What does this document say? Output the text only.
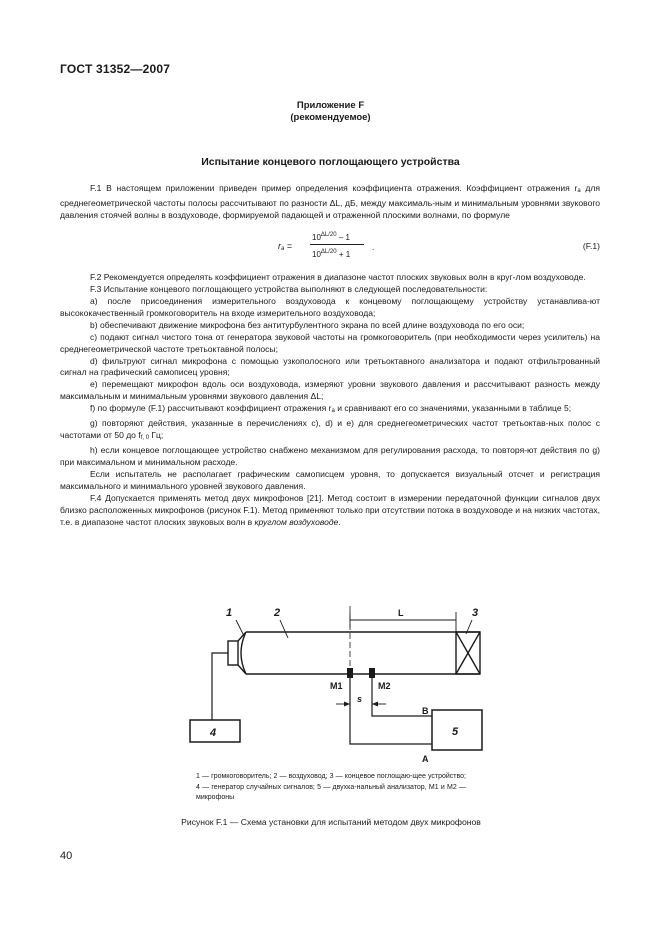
ГОСТ 31352—2007
Приложение F
(рекомендуемое)
Испытание концевого поглощающего устройства

F.1 В настоящем приложении приведен пример определения коэффициента отражения. Коэффициент отражения $r_a$ для среднегеометрической частоты полосы рассчитывают по разности ΔL, дБ, между максималь-ным и минимальным уровнями звукового давления стоячей волны в воздуховоде, формируемой падающей и отраженной плоскими волнами, по формуле

$r_a$ =
$10^{\Delta L/20} - 1$
$10^{\Delta L/20} + 1$
.	(F.1)

F.2 Рекомендуется определять коэффициент отражения в диапазоне частот плоских звуковых волн в круг-лом воздуховоде.

F.3 Испытание концевого поглощающего устройства выполняют в следующей последовательности:

а) после присоединения измерительного воздуховода к концевому поглощающему устройству устанавлива-ют высококачественный громкоговоритель на входе измерительного воздуховода;

b) обеспечивают движение микрофона без антитурбулентного экрана по всей длине воздуховода по его оси;

с) подают сигнал чистого тона от генератора звуковой частоты на громкоговоритель (при необходимости через усилитель) на среднегеометрической частоте третьоктавной полосы;

d) фильтруют сигнал микрофона с помощью узкополосного или третьоктавного анализатора и подают отфильтрованный сигнал на графический самописец уровня;

е) перемещают микрофон вдоль оси воздуховода, измеряют уровни звукового давления и рассчитывают разность между максимальным и минимальным уровнями звукового давления ΔL;

f) по формуле (F.1) рассчитывают коэффициент отражения $r_a$ и сравнивают его со значениями, указанными в таблице 5;

g) повторяют действия, указанные в перечислениях с), d) и е) для среднегеометрических частот третьоктав-ных полос с частотами от 50 до $f_{f, 0}$ Гц;

h) если концевое поглощающее устройство снабжено механизмом для регулирования расхода, то повторя-ют действия по g) при максимальном и минимальном расходе.

Если испытатель не располагает графическим самописцем уровня, то допускается визуальный отсчет и регистрация максимального и минимального уровней звукового давления.

F.4 Допускается применять метод двух микрофонов [21]. Метод состоит в измерении передаточной функции сигналов двух близко расположенных микрофонов (рисунок F.1). Метод применяют только при отсутствии потока в воздуховоде и на низких частотах, т.е. в диапазоне частот плоских звуковых волн в круглом воздуховоде.

1	2	3
L
M1	M2
s
B
A
4	5
1 — громкоговоритель; 2 — воздуховод; 3 — концевое поглощаю-щее устройство; 4 — генератор случайных сигналов; 5 — двухка-нальный анализатор, М1 и М2 — микрофоны
Рисунок F.1 — Схема установки для испытаний методом двух микрофонов
40
